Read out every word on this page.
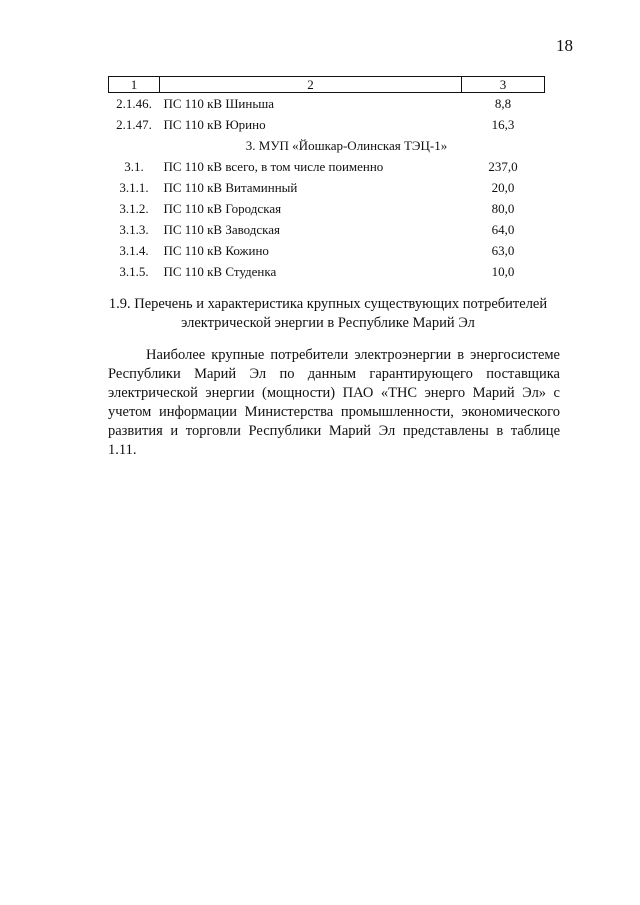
18
1	2	3
2.1.46.	ПС 110 кВ Шиньша	8,8
2.1.47.	ПС 110 кВ Юрино	16,3
3. МУП «Йошкар-Олинская ТЭЦ-1»		
3.1.	ПС 110 кВ всего, в том числе поименно	237,0
3.1.1.	ПС 110 кВ Витаминный	20,0
3.1.2.	ПС 110 кВ Городская	80,0
3.1.3.	ПС 110 кВ Заводская	64,0
3.1.4.	ПС 110 кВ Кожино	63,0
3.1.5.	ПС 110 кВ Студенка	10,0
1.9. Перечень и характеристика крупных существующих потребителей
электрической энергии в Республике Марий Эл

Наиболее крупные потребители электроэнергии в энергосистеме Республики Марий Эл по данным гарантирующего поставщика электрической энергии (мощности) ПАО «ТНС энерго Марий Эл» с учетом информации Министерства промышленности, экономического развития и торговли Республики Марий Эл представлены в таблице 1.11.
